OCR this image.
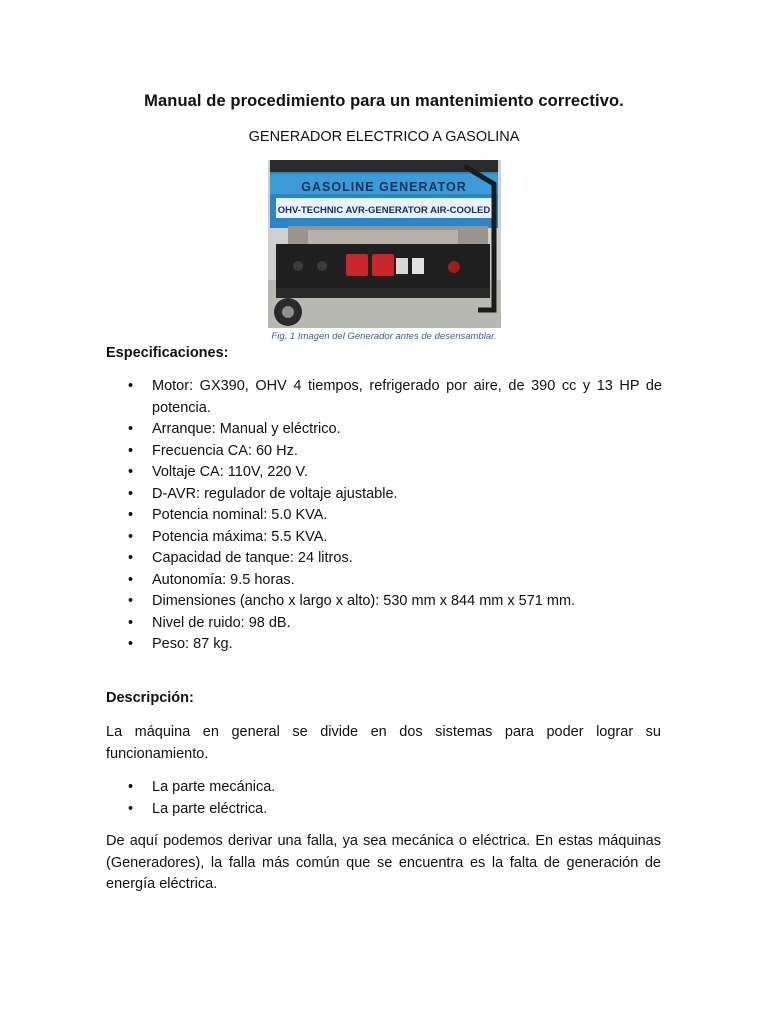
Manual de procedimiento para un mantenimiento correctivo.
GENERADOR ELECTRICO A GASOLINA
GASOLINE GENERATOR
OHV-TECHNIC AVR-GENERATOR AIR-COOLED
Fig. 1 Imagen del Generador antes de desensamblar.
Especificaciones:
• Motor: GX390, OHV 4 tiempos, refrigerado por aire, de 390 cc y 13 HP de potencia.
• Arranque: Manual y eléctrico.
• Frecuencia CA: 60 Hz.
• Voltaje CA: 110V, 220 V.
• D-AVR: regulador de voltaje ajustable.
• Potencia nominal: 5.0 KVA.
• Potencia máxima: 5.5 KVA.
• Capacidad de tanque: 24 litros.
• Autonomía: 9.5 horas.
• Dimensiones (ancho x largo x alto): 530 mm x 844 mm x 571 mm.
• Nivel de ruido: 98 dB.
• Peso: 87 kg.
Descripción:

La máquina en general se divide en dos sistemas para poder lograr su funcionamiento.

• La parte mecánica.
• La parte eléctrica.

De aquí podemos derivar una falla, ya sea mecánica o eléctrica. En estas máquinas (Generadores), la falla más común que se encuentra es la falta de generación de energía eléctrica.
